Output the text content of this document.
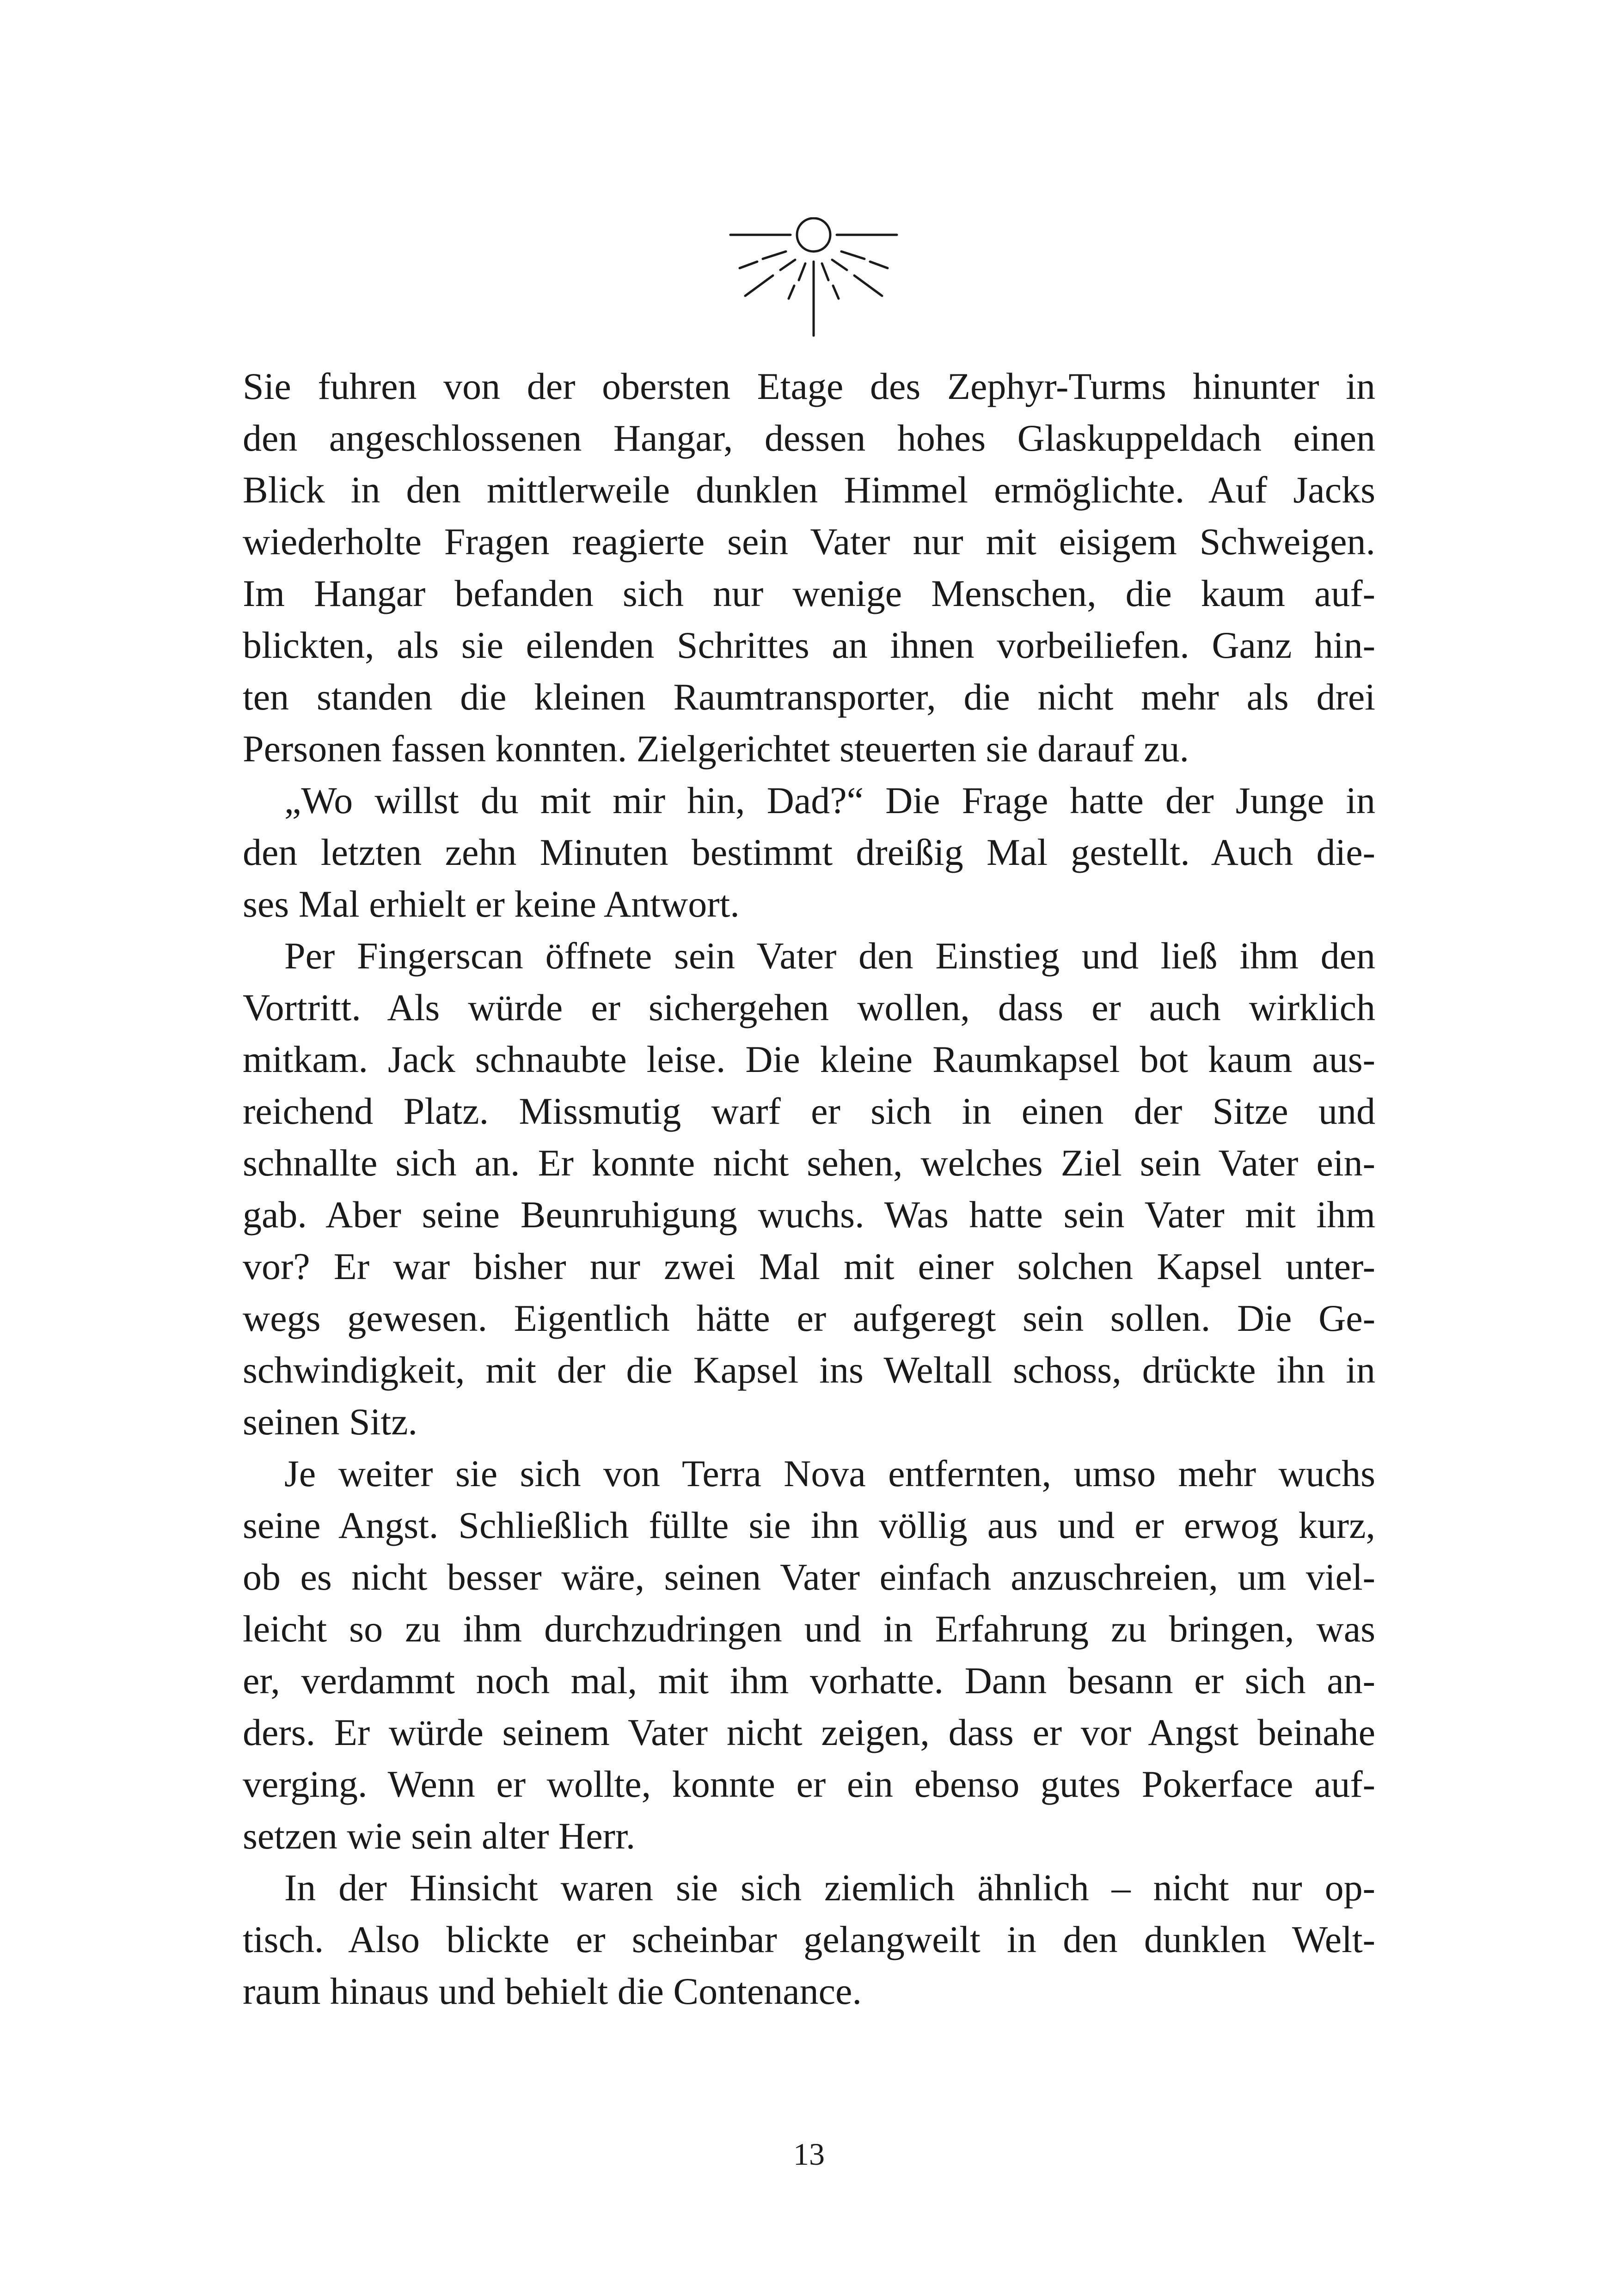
Sie fuhren von der obersten Etage des Zephyr-Turms hinunter in
den angeschlossenen Hangar, dessen hohes Glaskuppeldach einen
Blick in den mittlerweile dunklen Himmel ermöglichte. Auf Jacks
wiederholte Fragen reagierte sein Vater nur mit eisigem Schweigen.
Im Hangar befanden sich nur wenige Menschen, die kaum auf-
blickten, als sie eilenden Schrittes an ihnen vorbeiliefen. Ganz hin-
ten standen die kleinen Raumtransporter, die nicht mehr als drei
Personen fassen konnten. Zielgerichtet steuerten sie darauf zu.
„Wo willst du mit mir hin, Dad?“ Die Frage hatte der Junge in
den letzten zehn Minuten bestimmt dreißig Mal gestellt. Auch die-
ses Mal erhielt er keine Antwort.
Per Fingerscan öffnete sein Vater den Einstieg und ließ ihm den
Vortritt. Als würde er sichergehen wollen, dass er auch wirklich
mitkam. Jack schnaubte leise. Die kleine Raumkapsel bot kaum aus-
reichend Platz. Missmutig warf er sich in einen der Sitze und
schnallte sich an. Er konnte nicht sehen, welches Ziel sein Vater ein-
gab. Aber seine Beunruhigung wuchs. Was hatte sein Vater mit ihm
vor? Er war bisher nur zwei Mal mit einer solchen Kapsel unter-
wegs gewesen. Eigentlich hätte er aufgeregt sein sollen. Die Ge-
schwindigkeit, mit der die Kapsel ins Weltall schoss, drückte ihn in
seinen Sitz.
Je weiter sie sich von Terra Nova entfernten, umso mehr wuchs
seine Angst. Schließlich füllte sie ihn völlig aus und er erwog kurz,
ob es nicht besser wäre, seinen Vater einfach anzuschreien, um viel-
leicht so zu ihm durchzudringen und in Erfahrung zu bringen, was
er, verdammt noch mal, mit ihm vorhatte. Dann besann er sich an-
ders. Er würde seinem Vater nicht zeigen, dass er vor Angst beinahe
verging. Wenn er wollte, konnte er ein ebenso gutes Pokerface auf-
setzen wie sein alter Herr.
In der Hinsicht waren sie sich ziemlich ähnlich – nicht nur op-
tisch. Also blickte er scheinbar gelangweilt in den dunklen Welt-
raum hinaus und behielt die Contenance.
13
